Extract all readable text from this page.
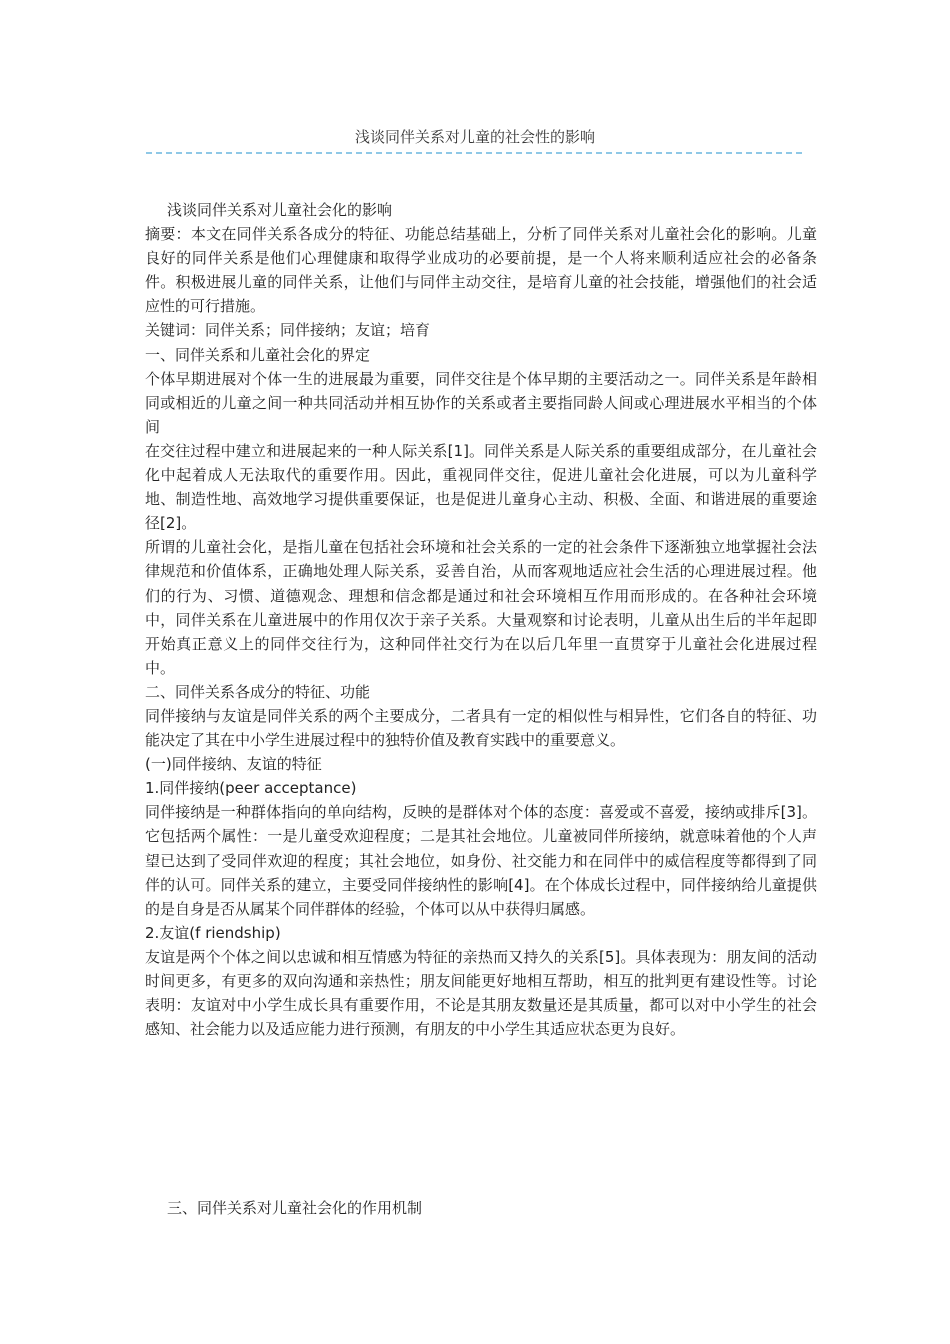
浅谈同伴关系对儿童的社会性的影响

浅谈同伴关系对儿童社会化的影响

摘要：本文在同伴关系各成分的特征、功能总结基础上，分析了同伴关系对儿童社会化的影响。儿童良好的同伴关系是他们心理健康和取得学业成功的必要前提，是一个人将来顺利适应社会的必备条件。积极进展儿童的同伴关系，让他们与同伴主动交往，是培育儿童的社会技能，增强他们的社会适应性的可行措施。

关键词：同伴关系；同伴接纳；友谊；培育

一、同伴关系和儿童社会化的界定

个体早期进展对个体一生的进展最为重要，同伴交往是个体早期的主要活动之一。同伴关系是年龄相同或相近的儿童之间一种共同活动并相互协作的关系或者主要指同龄人间或心理进展水平相当的个体间

在交往过程中建立和进展起来的一种人际关系[1]。同伴关系是人际关系的重要组成部分，在儿童社会化中起着成人无法取代的重要作用。因此，重视同伴交往，促进儿童社会化进展，可以为儿童科学地、制造性地、高效地学习提供重要保证，也是促进儿童身心主动、积极、全面、和谐进展的重要途径[2]。

所谓的儿童社会化，是指儿童在包括社会环境和社会关系的一定的社会条件下逐渐独立地掌握社会法律规范和价值体系，正确地处理人际关系，妥善自治，从而客观地适应社会生活的心理进展过程。他们的行为、习惯、道德观念、理想和信念都是通过和社会环境相互作用而形成的。在各种社会环境中，同伴关系在儿童进展中的作用仅次于亲子关系。大量观察和讨论表明，儿童从出生后的半年起即开始真正意义上的同伴交往行为，这种同伴社交行为在以后几年里一直贯穿于儿童社会化进展过程中。

二、同伴关系各成分的特征、功能

同伴接纳与友谊是同伴关系的两个主要成分，二者具有一定的相似性与相异性，它们各自的特征、功能决定了其在中小学生进展过程中的独特价值及教育实践中的重要意义。

(一)同伴接纳、友谊的特征

1.同伴接纳(peer acceptance)

同伴接纳是一种群体指向的单向结构，反映的是群体对个体的态度：喜爱或不喜爱，接纳或排斥[3]。它包括两个属性：一是儿童受欢迎程度；二是其社会地位。儿童被同伴所接纳，就意味着他的个人声望已达到了受同伴欢迎的程度；其社会地位，如身份、社交能力和在同伴中的威信程度等都得到了同伴的认可。同伴关系的建立，主要受同伴接纳性的影响[4]。在个体成长过程中，同伴接纳给儿童提供的是自身是否从属某个同伴群体的经验，个体可以从中获得归属感。

2.友谊(f riendship)

友谊是两个个体之间以忠诚和相互情感为特征的亲热而又持久的关系[5]。具体表现为：朋友间的活动时间更多，有更多的双向沟通和亲热性；朋友间能更好地相互帮助，相互的批判更有建设性等。讨论表明：友谊对中小学生成长具有重要作用，不论是其朋友数量还是其质量，都可以对中小学生的社会感知、社会能力以及适应能力进行预测，有朋友的中小学生其适应状态更为良好。

三、同伴关系对儿童社会化的作用机制
